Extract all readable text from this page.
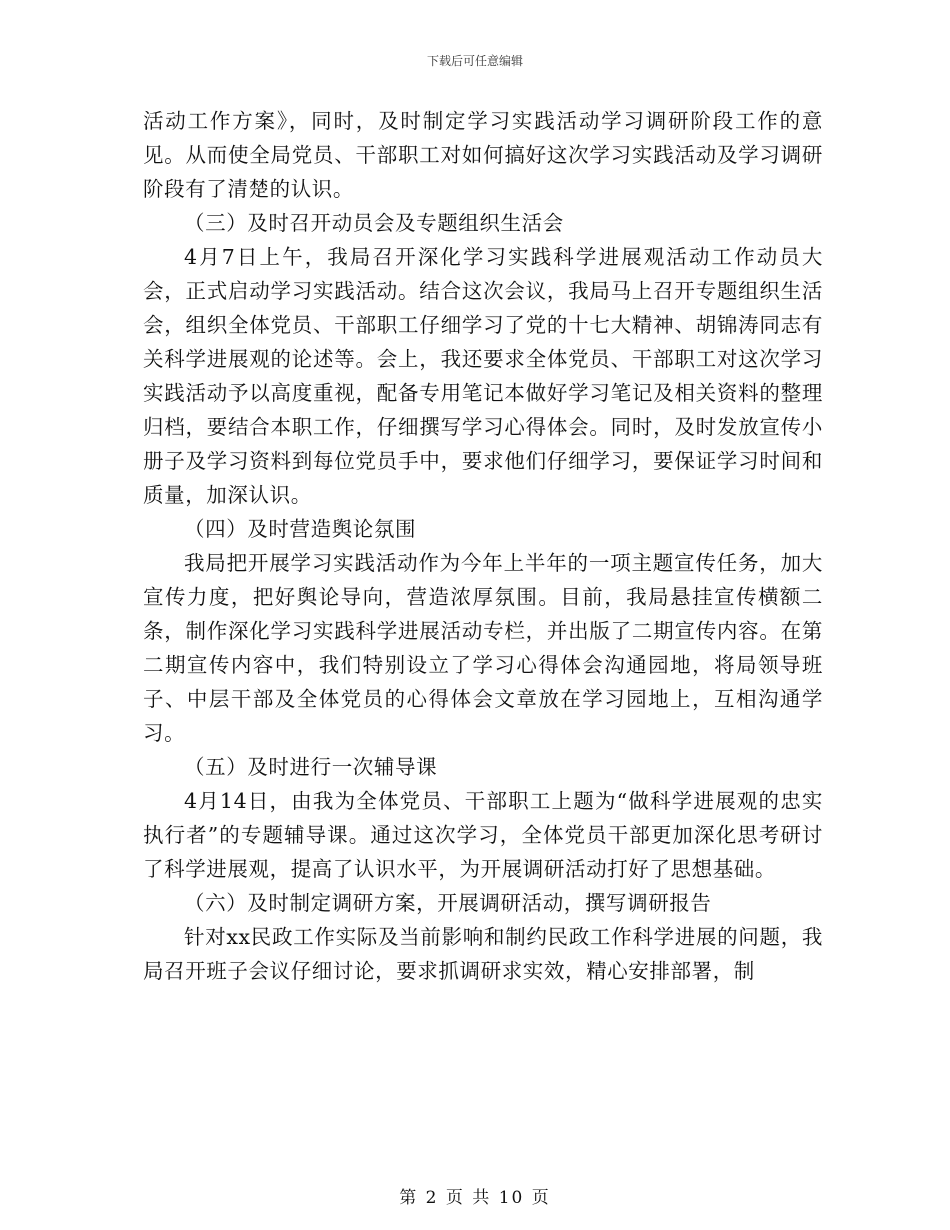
下载后可任意编辑

活动工作方案》，同时，及时制定学习实践活动学习调研阶段工作的意见。从而使全局党员、干部职工对如何搞好这次学习实践活动及学习调研阶段有了清楚的认识。

（三）及时召开动员会及专题组织生活会

4月7日上午，我局召开深化学习实践科学进展观活动工作动员大会，正式启动学习实践活动。结合这次会议，我局马上召开专题组织生活会，组织全体党员、干部职工仔细学习了党的十七大精神、胡锦涛同志有关科学进展观的论述等。会上，我还要求全体党员、干部职工对这次学习实践活动予以高度重视，配备专用笔记本做好学习笔记及相关资料的整理归档，要结合本职工作，仔细撰写学习心得体会。同时，及时发放宣传小册子及学习资料到每位党员手中，要求他们仔细学习，要保证学习时间和质量，加深认识。

（四）及时营造舆论氛围

我局把开展学习实践活动作为今年上半年的一项主题宣传任务，加大宣传力度，把好舆论导向，营造浓厚氛围。目前，我局悬挂宣传横额二条，制作深化学习实践科学进展活动专栏，并出版了二期宣传内容。在第二期宣传内容中，我们特别设立了学习心得体会沟通园地，将局领导班子、中层干部及全体党员的心得体会文章放在学习园地上，互相沟通学习。

（五）及时进行一次辅导课

4月14日，由我为全体党员、干部职工上题为“做科学进展观的忠实执行者”的专题辅导课。通过这次学习，全体党员干部更加深化思考研讨了科学进展观，提高了认识水平，为开展调研活动打好了思想基础。

（六）及时制定调研方案，开展调研活动，撰写调研报告

针对xx民政工作实际及当前影响和制约民政工作科学进展的问题，我局召开班子会议仔细讨论，要求抓调研求实效，精心安排部署，制

第 2 页 共 10 页
